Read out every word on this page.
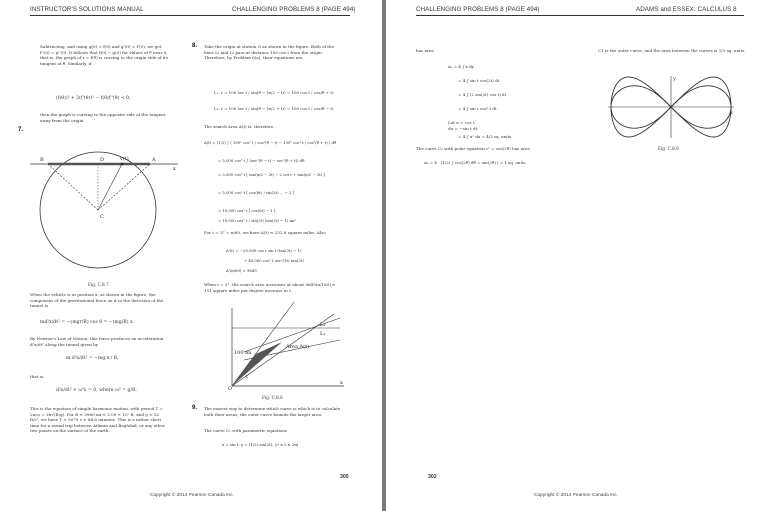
INSTRUCTOR'S SOLUTIONS MANUAL	CHALLENGING PROBLEMS 8 (PAGE 494)
Subtracting, and using g(0) = f(0) and g'(0) = f'(0), we get f''(0) = g''(0). It follows that f(0) − g(0) for values of θ near 0, that is, the graph of r = f(θ) is curving to the origin side of its tangent at θ. Similarly, if
(f(θ))² + 2(f'(θ))² − f(θ)f''(θ) < 0,
then the graph is curving to the opposite side of the tangent away from the origin.
7.
B	D	v(t)	A
C
x
Fig. C.8.7
When the vehicle is at position x, as shown in the figure, the component of the gravitational force on it in the direction of the tunnel is
md²x/dt² = −(mgr/R) cos θ = −(mg/R) x.
By Newton's Law of Motion, this force produces an acceleration d²x/dt² along the tunnel given by
m d²x/dt² = −mg x / R,
that is,
d²x/dt² + ω²x = 0, where ω² = g/R.
This is the equation of simple harmonic motion, with period T = 2π/ω = 2π√(R/g). For R ≈ 3960 mi ≈ 2.09 × 10⁷ ft, and g ≈ 32 ft/s², we have T ≈ 5079 s ≈ 84.6 minutes. This is a rather short time for a round trip between Atlanta and Baghdad, or any other two points on the surface of the earth.
8. Take the origin at station O as shown in the figure. Both of the lines L₁ and L₂ pass at distance 100 cos t from the origin. Therefore, by Problem 6(a), their equations are
L₁: r = 100 sec t / sin(θ − (π/2 − t)) = 100 cos t / cos(θ + t)
L₂: r = 100 sec t / sin(θ − (π/2 + t)) = 100 cos t / cos(θ − t)
The search area A(t) is, therefore,
A(t) = (1/2) ∫ ( 100² cos² t / cos²(θ − t) − 100² cos² t / cos²(θ + t) ) dθ
= 5,000 cos² t ∫ (sec²(θ − t) − sec²(θ + t)) dθ
= 5,000 cos² t [ tan(π/2 − 2t) − 2 cot t + tan(π/2 − 3t) ]
= 5,000 cos² t [ cos(6t) / sin(3t) ... − 2 ]
= 10,000 cos² t [ cos(6t) − 1 ]
= 10,000 cos² t / sin(3t) (sin(2t) − 1) mi²
For t = 3° = π/60, we have A(t) ≈ 232.8 square miles. Also
A'(t) = −20,000 cos t sin t (tan(3t) − 1)
+ 40,000 cos² t sec²(3t) tan(3t)
A'(π/60) ≈ 9649.
When t = 3°, the search area increases at about 9649(π/180) ≈ 151 square miles per degree increase in t.
L₂
L₁
Area A(t)
100 mi
t
O
x
Fig. C.8.8
9. The easiest way to determine which curve is which is to calculate both their areas; the outer curve bounds the larger area.
The curve C₁ with parametric equations
x = sin t, y = (1/2) sin(2t), (0 ≤ t ≤ 2π)
305
Copyright © 2014 Pearson Canada Inc.
CHALLENGING PROBLEMS 8 (PAGE 494)	ADAMS and ESSEX: CALCULUS 8
has area
A₁ = 4 ∫ x dy
= 4 ∫ sin t cos(2t) dt
= 4 ∫ (2 sin(2t) cos t) dt
= 4 ∫ sin t cos² t dt
Let u = cos t
du = −sin t dt
= 4 ∫ u² du = 4/3 sq. units.
The curve C₂ with polar equation r² = cos(2θ) has area
A₂ = 4 · (1/2) ∫ cos(2θ) dθ = sin(2θ) | = 1 sq. units.
C1 is the outer curve, and the area between the curves is 1/3 sq. units.
y
x
Fig. C.8.9
302
Copyright © 2014 Pearson Canada Inc.
